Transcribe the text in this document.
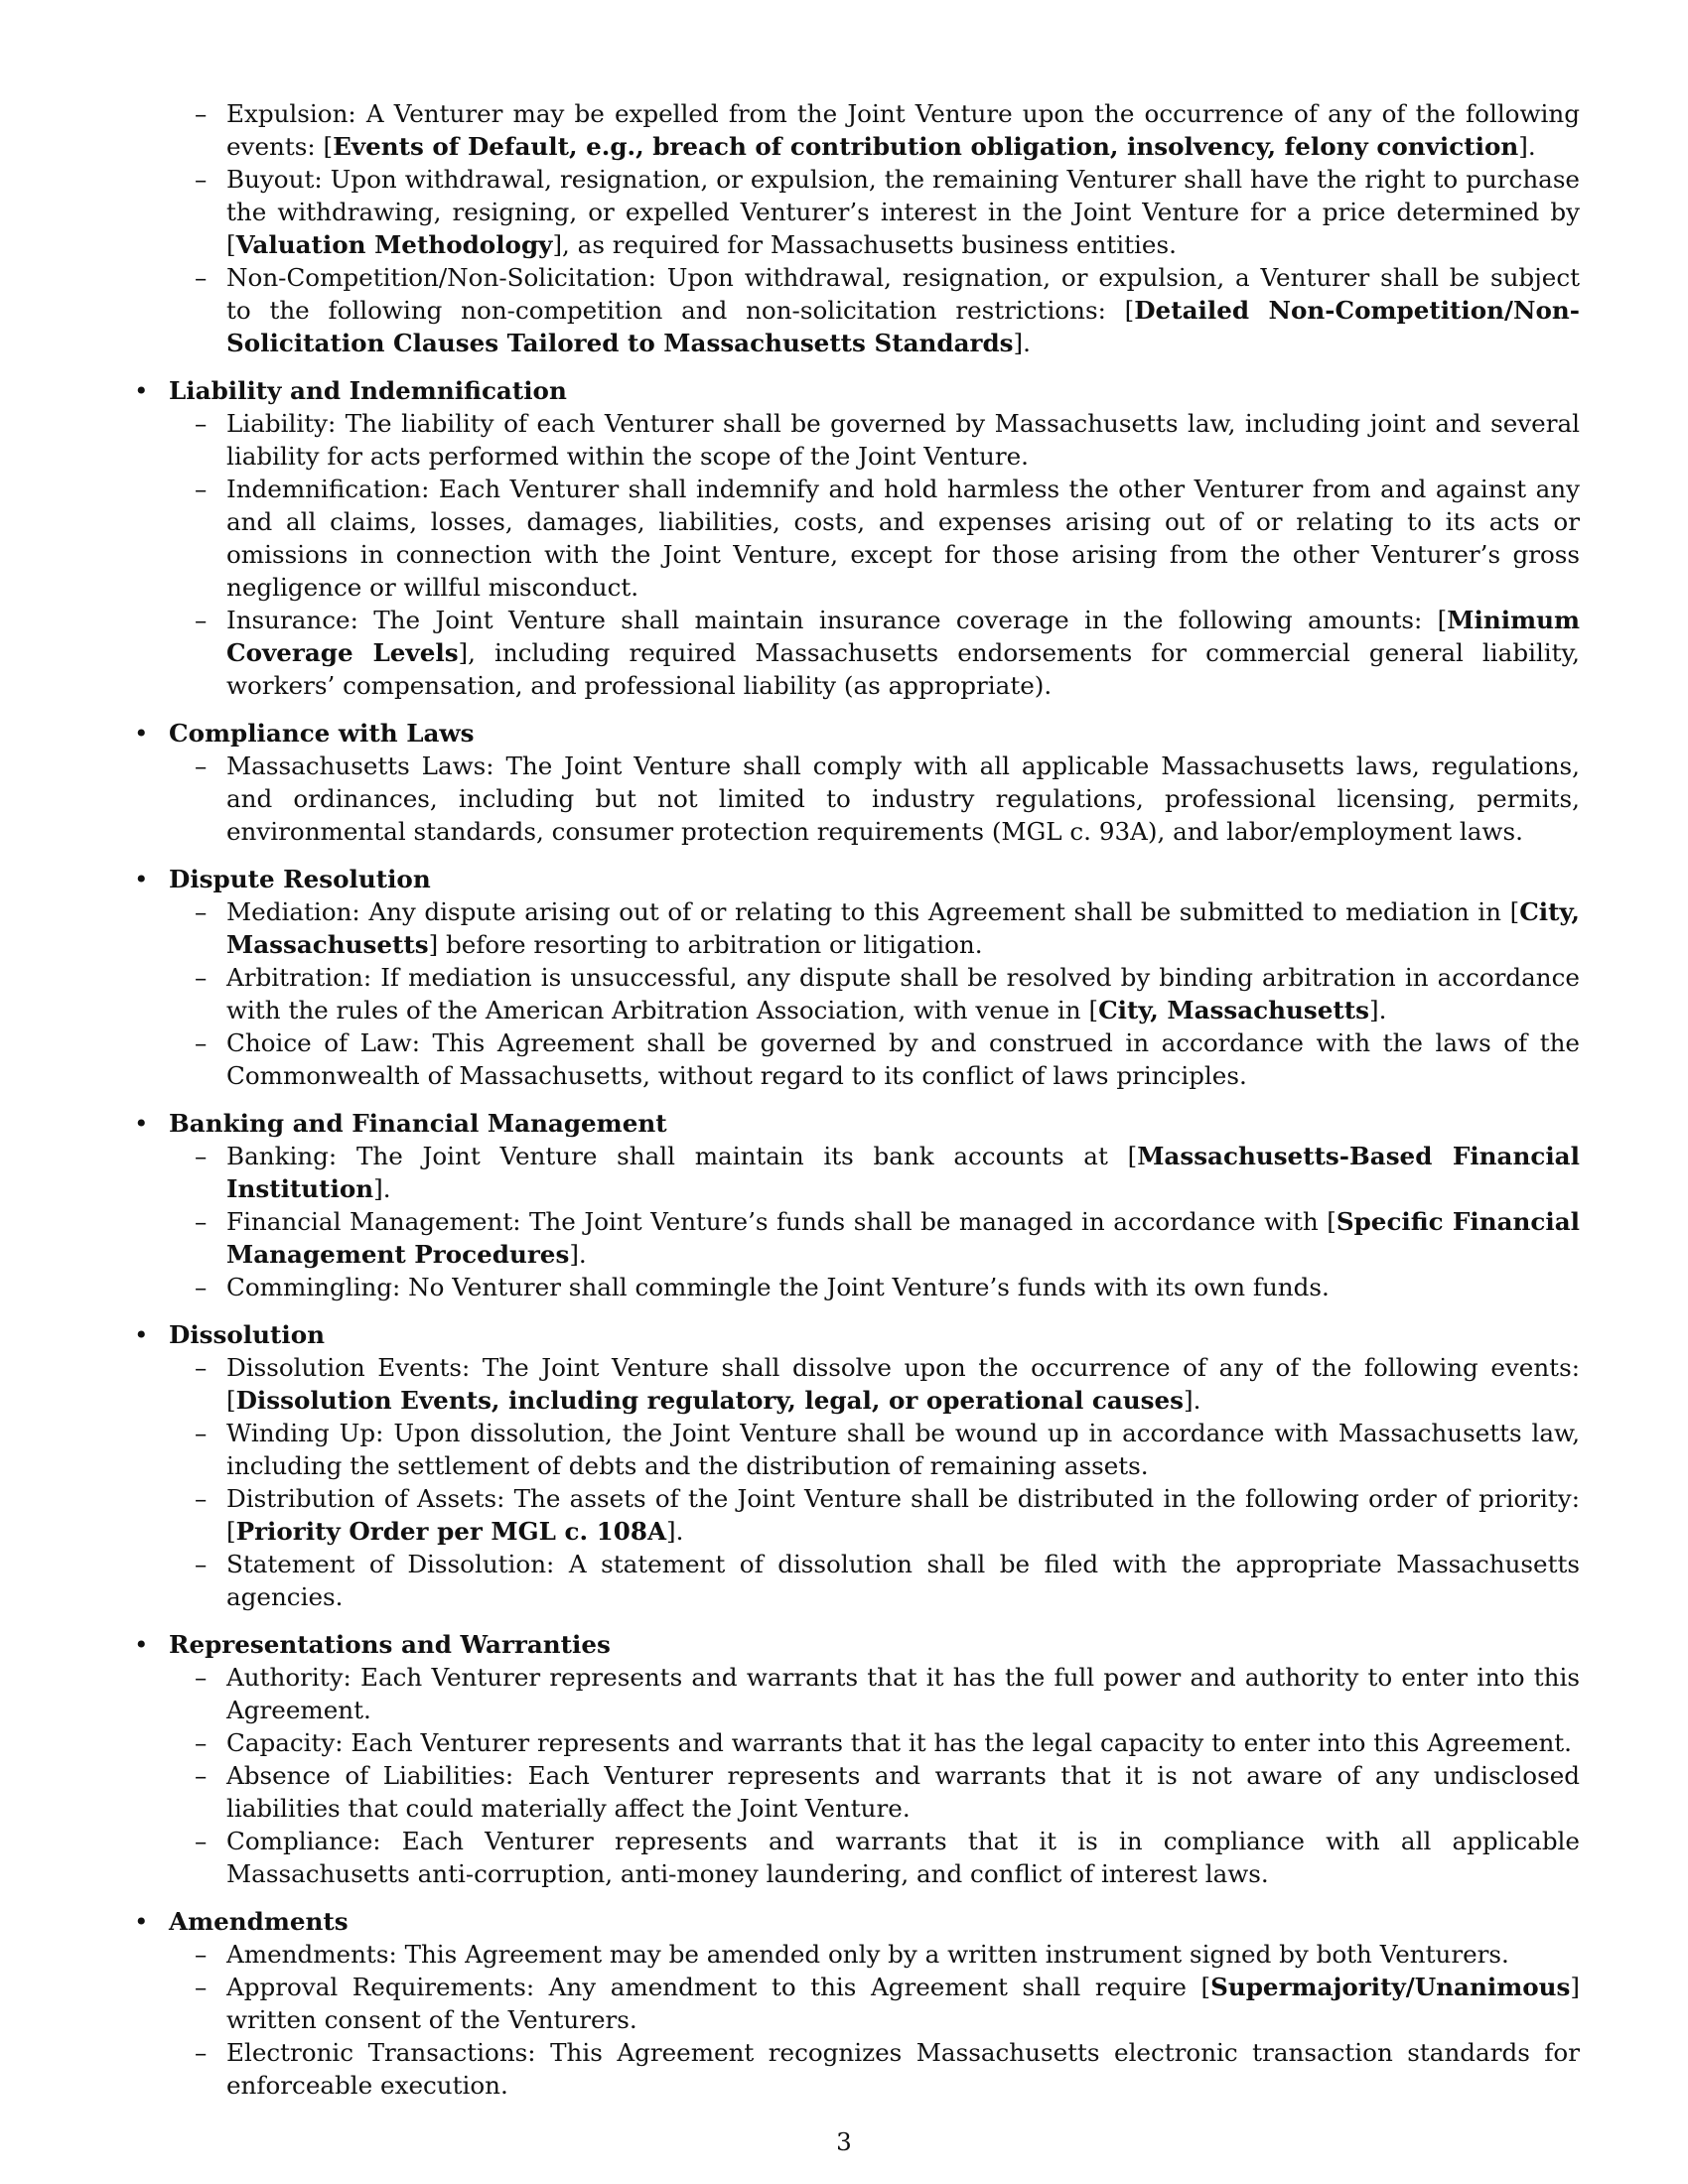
– Expulsion: A Venturer may be expelled from the Joint Venture upon the occurrence of any of the following events: [Events of Default, e.g., breach of contribution obligation, insolvency, felony conviction].
– Buyout: Upon withdrawal, resignation, or expulsion, the remaining Venturer shall have the right to purchase the withdrawing, resigning, or expelled Venturer’s interest in the Joint Venture for a price determined by [Valuation Methodology], as required for Massachusetts business entities.
– Non-Competition/Non-Solicitation: Upon withdrawal, resignation, or expulsion, a Venturer shall be subject to the following non-competition and non-solicitation restrictions: [Detailed Non-Competition/Non-Solicitation Clauses Tailored to Massachusetts Standards].
• Liability and Indemnification
– Liability: The liability of each Venturer shall be governed by Massachusetts law, including joint and several liability for acts performed within the scope of the Joint Venture.
– Indemnification: Each Venturer shall indemnify and hold harmless the other Venturer from and against any and all claims, losses, damages, liabilities, costs, and expenses arising out of or relating to its acts or omissions in connection with the Joint Venture, except for those arising from the other Venturer’s gross negligence or willful misconduct.
– Insurance: The Joint Venture shall maintain insurance coverage in the following amounts: [Minimum Coverage Levels], including required Massachusetts endorsements for commercial general liability, workers’ compensation, and professional liability (as appropriate).
• Compliance with Laws
– Massachusetts Laws: The Joint Venture shall comply with all applicable Massachusetts laws, regulations, and ordinances, including but not limited to industry regulations, professional licensing, permits, environmental standards, consumer protection requirements (MGL c. 93A), and labor/employment laws.
• Dispute Resolution
– Mediation: Any dispute arising out of or relating to this Agreement shall be submitted to mediation in [City, Massachusetts] before resorting to arbitration or litigation.
– Arbitration: If mediation is unsuccessful, any dispute shall be resolved by binding arbitration in accordance with the rules of the American Arbitration Association, with venue in [City, Massachusetts].
– Choice of Law: This Agreement shall be governed by and construed in accordance with the laws of the Commonwealth of Massachusetts, without regard to its conflict of laws principles.
• Banking and Financial Management
– Banking: The Joint Venture shall maintain its bank accounts at [Massachusetts-Based Financial Institution].
– Financial Management: The Joint Venture’s funds shall be managed in accordance with [Specific Financial Management Procedures].
– Commingling: No Venturer shall commingle the Joint Venture’s funds with its own funds.
• Dissolution
– Dissolution Events: The Joint Venture shall dissolve upon the occurrence of any of the following events: [Dissolution Events, including regulatory, legal, or operational causes].
– Winding Up: Upon dissolution, the Joint Venture shall be wound up in accordance with Massachusetts law, including the settlement of debts and the distribution of remaining assets.
– Distribution of Assets: The assets of the Joint Venture shall be distributed in the following order of priority: [Priority Order per MGL c. 108A].
– Statement of Dissolution: A statement of dissolution shall be filed with the appropriate Massachusetts agencies.
• Representations and Warranties
– Authority: Each Venturer represents and warrants that it has the full power and authority to enter into this Agreement.
– Capacity: Each Venturer represents and warrants that it has the legal capacity to enter into this Agreement.
– Absence of Liabilities: Each Venturer represents and warrants that it is not aware of any undisclosed liabilities that could materially affect the Joint Venture.
– Compliance: Each Venturer represents and warrants that it is in compliance with all applicable Massachusetts anti-corruption, anti-money laundering, and conflict of interest laws.
• Amendments
– Amendments: This Agreement may be amended only by a written instrument signed by both Venturers.
– Approval Requirements: Any amendment to this Agreement shall require [Supermajority/Unanimous] written consent of the Venturers.
– Electronic Transactions: This Agreement recognizes Massachusetts electronic transaction standards for enforceable execution.
3
